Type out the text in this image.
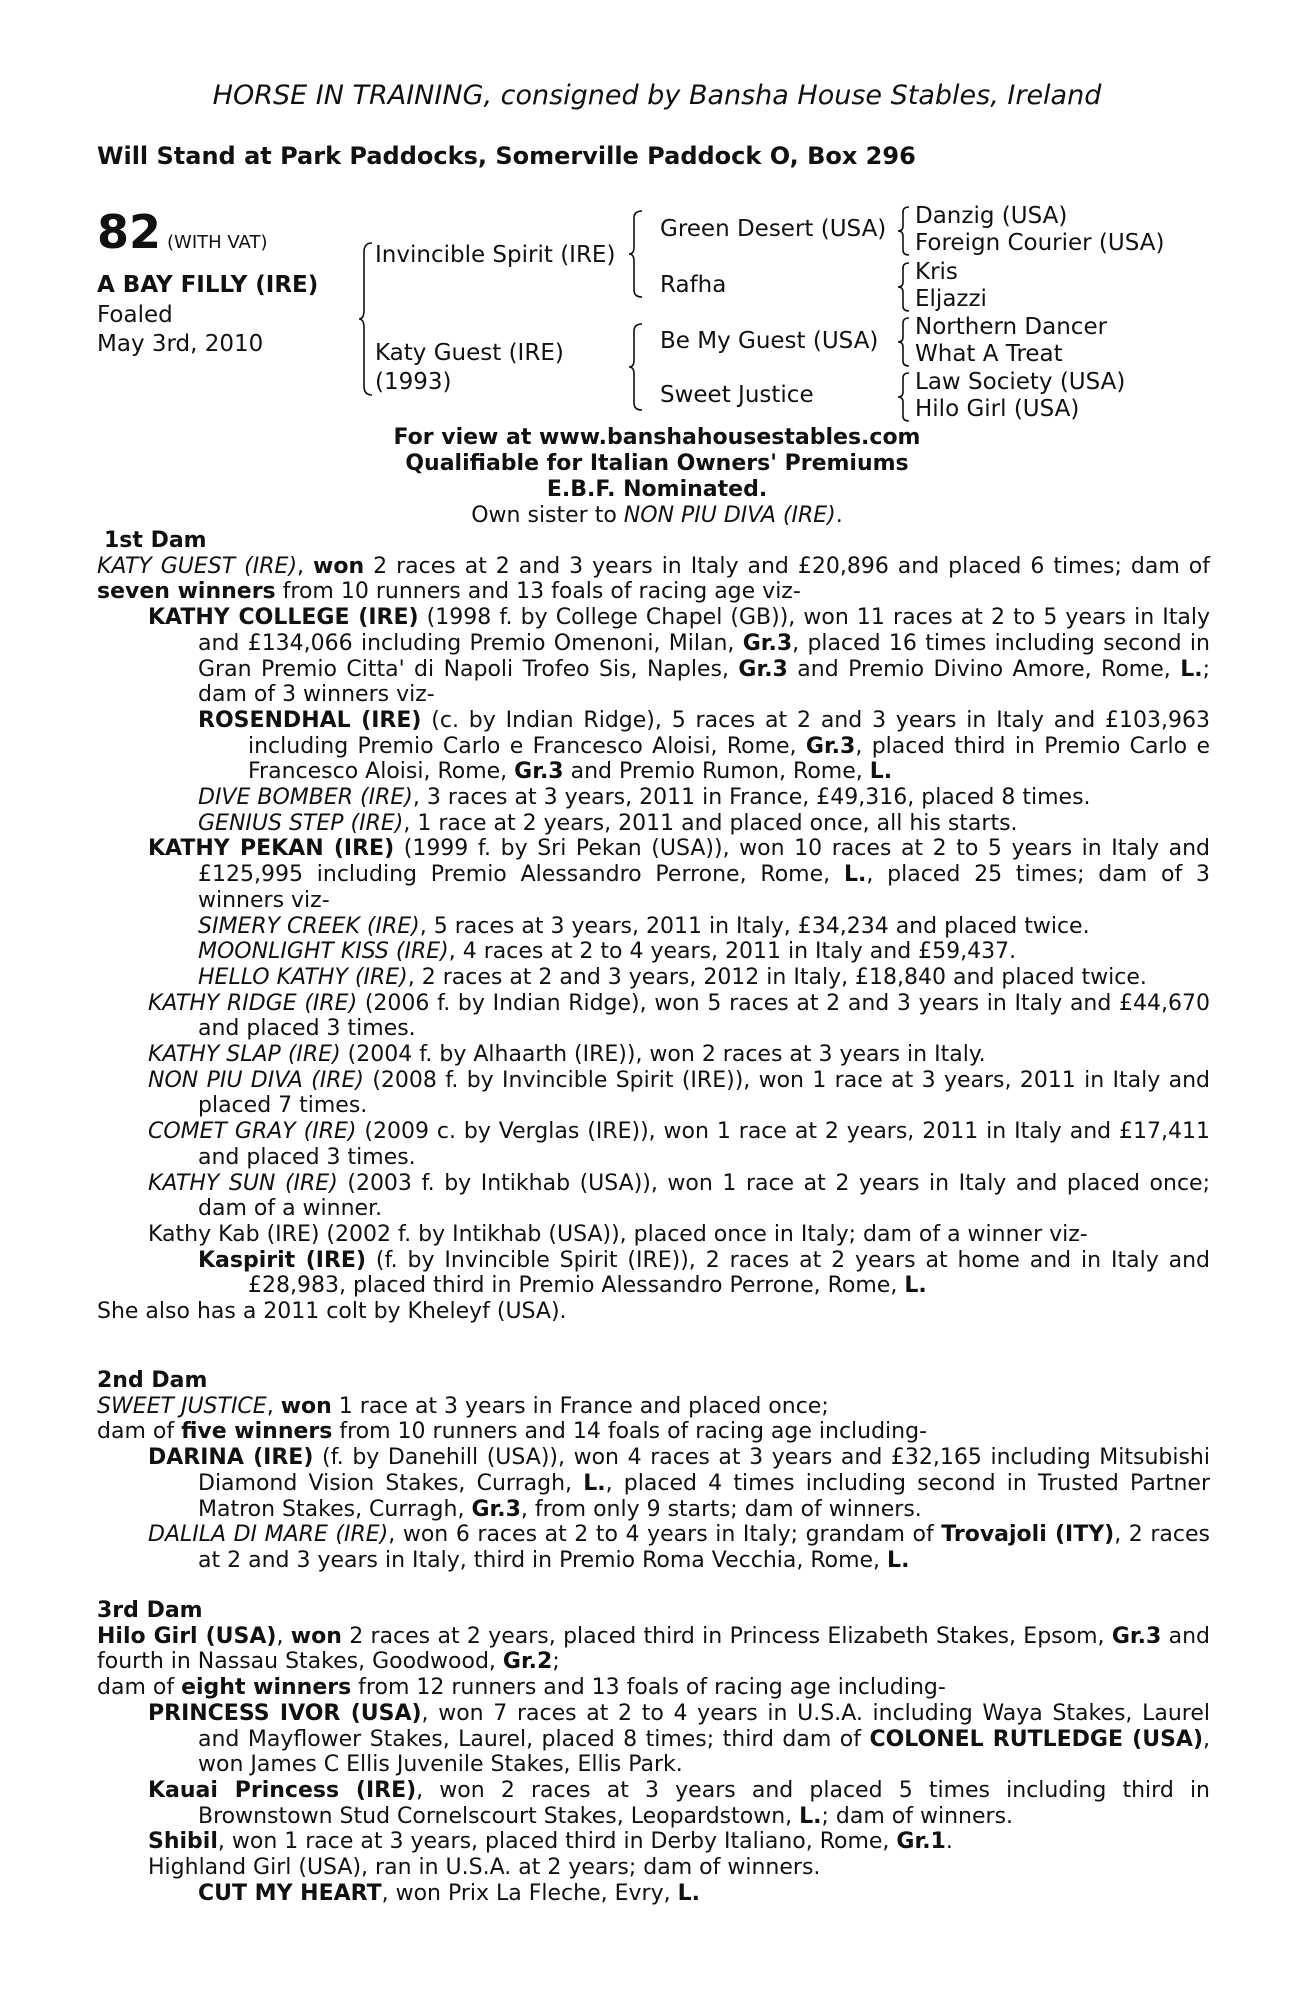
HORSE IN TRAINING, consigned by Bansha House Stables, Ireland
Will Stand at Park Paddocks, Somerville Paddock O, Box 296
82 (WITH VAT)
A BAY FILLY (IRE)
Foaled
May 3rd, 2010
Invincible Spirit (IRE)
Katy Guest (IRE)
(1993)
Green Desert (USA)
Rafha
Be My Guest (USA)
Sweet Justice
Danzig (USA)
Foreign Courier (USA)
Kris
Eljazzi
Northern Dancer
What A Treat
Law Society (USA)
Hilo Girl (USA)
For view at www.banshahousestables.com
Qualifiable for Italian Owners' Premiums
E.B.F. Nominated.
Own sister to NON PIU DIVA (IRE).

1st Dam

KATY GUEST (IRE), won 2 races at 2 and 3 years in Italy and £20,896 and placed 6 times; dam of seven winners from 10 runners and 13 foals of racing age viz-

KATHY COLLEGE (IRE) (1998 f. by College Chapel (GB)), won 11 races at 2 to 5 years in Italy and £134,066 including Premio Omenoni, Milan, Gr.3, placed 16 times including second in Gran Premio Citta' di Napoli Trofeo Sis, Naples, Gr.3 and Premio Divino Amore, Rome, L.; dam of 3 winners viz-

ROSENDHAL (IRE) (c. by Indian Ridge), 5 races at 2 and 3 years in Italy and £103,963 including Premio Carlo e Francesco Aloisi, Rome, Gr.3, placed third in Premio Carlo e Francesco Aloisi, Rome, Gr.3 and Premio Rumon, Rome, L.

DIVE BOMBER (IRE), 3 races at 3 years, 2011 in France, £49,316, placed 8 times.

GENIUS STEP (IRE), 1 race at 2 years, 2011 and placed once, all his starts.

KATHY PEKAN (IRE) (1999 f. by Sri Pekan (USA)), won 10 races at 2 to 5 years in Italy and £125,995 including Premio Alessandro Perrone, Rome, L., placed 25 times; dam of 3 winners viz-

SIMERY CREEK (IRE), 5 races at 3 years, 2011 in Italy, £34,234 and placed twice.

MOONLIGHT KISS (IRE), 4 races at 2 to 4 years, 2011 in Italy and £59,437.

HELLO KATHY (IRE), 2 races at 2 and 3 years, 2012 in Italy, £18,840 and placed twice.

KATHY RIDGE (IRE) (2006 f. by Indian Ridge), won 5 races at 2 and 3 years in Italy and £44,670 and placed 3 times.

KATHY SLAP (IRE) (2004 f. by Alhaarth (IRE)), won 2 races at 3 years in Italy.

NON PIU DIVA (IRE) (2008 f. by Invincible Spirit (IRE)), won 1 race at 3 years, 2011 in Italy and placed 7 times.

COMET GRAY (IRE) (2009 c. by Verglas (IRE)), won 1 race at 2 years, 2011 in Italy and £17,411 and placed 3 times.

KATHY SUN (IRE) (2003 f. by Intikhab (USA)), won 1 race at 2 years in Italy and placed once; dam of a winner.

Kathy Kab (IRE) (2002 f. by Intikhab (USA)), placed once in Italy; dam of a winner viz-

Kaspirit (IRE) (f. by Invincible Spirit (IRE)), 2 races at 2 years at home and in Italy and £28,983, placed third in Premio Alessandro Perrone, Rome, L.

She also has a 2011 colt by Kheleyf (USA).

2nd Dam

SWEET JUSTICE, won 1 race at 3 years in France and placed once;

dam of five winners from 10 runners and 14 foals of racing age including-

DARINA (IRE) (f. by Danehill (USA)), won 4 races at 3 years and £32,165 including Mitsubishi Diamond Vision Stakes, Curragh, L., placed 4 times including second in Trusted Partner Matron Stakes, Curragh, Gr.3, from only 9 starts; dam of winners.

DALILA DI MARE (IRE), won 6 races at 2 to 4 years in Italy; grandam of Trovajoli (ITY), 2 races at 2 and 3 years in Italy, third in Premio Roma Vecchia, Rome, L.

3rd Dam

Hilo Girl (USA), won 2 races at 2 years, placed third in Princess Elizabeth Stakes, Epsom, Gr.3 and fourth in Nassau Stakes, Goodwood, Gr.2;

dam of eight winners from 12 runners and 13 foals of racing age including-

PRINCESS IVOR (USA), won 7 races at 2 to 4 years in U.S.A. including Waya Stakes, Laurel and Mayflower Stakes, Laurel, placed 8 times; third dam of COLONEL RUTLEDGE (USA), won James C Ellis Juvenile Stakes, Ellis Park.

Kauai Princess (IRE), won 2 races at 3 years and placed 5 times including third in Brownstown Stud Cornelscourt Stakes, Leopardstown, L.; dam of winners.

Shibil, won 1 race at 3 years, placed third in Derby Italiano, Rome, Gr.1.

Highland Girl (USA), ran in U.S.A. at 2 years; dam of winners.

CUT MY HEART, won Prix La Fleche, Evry, L.
